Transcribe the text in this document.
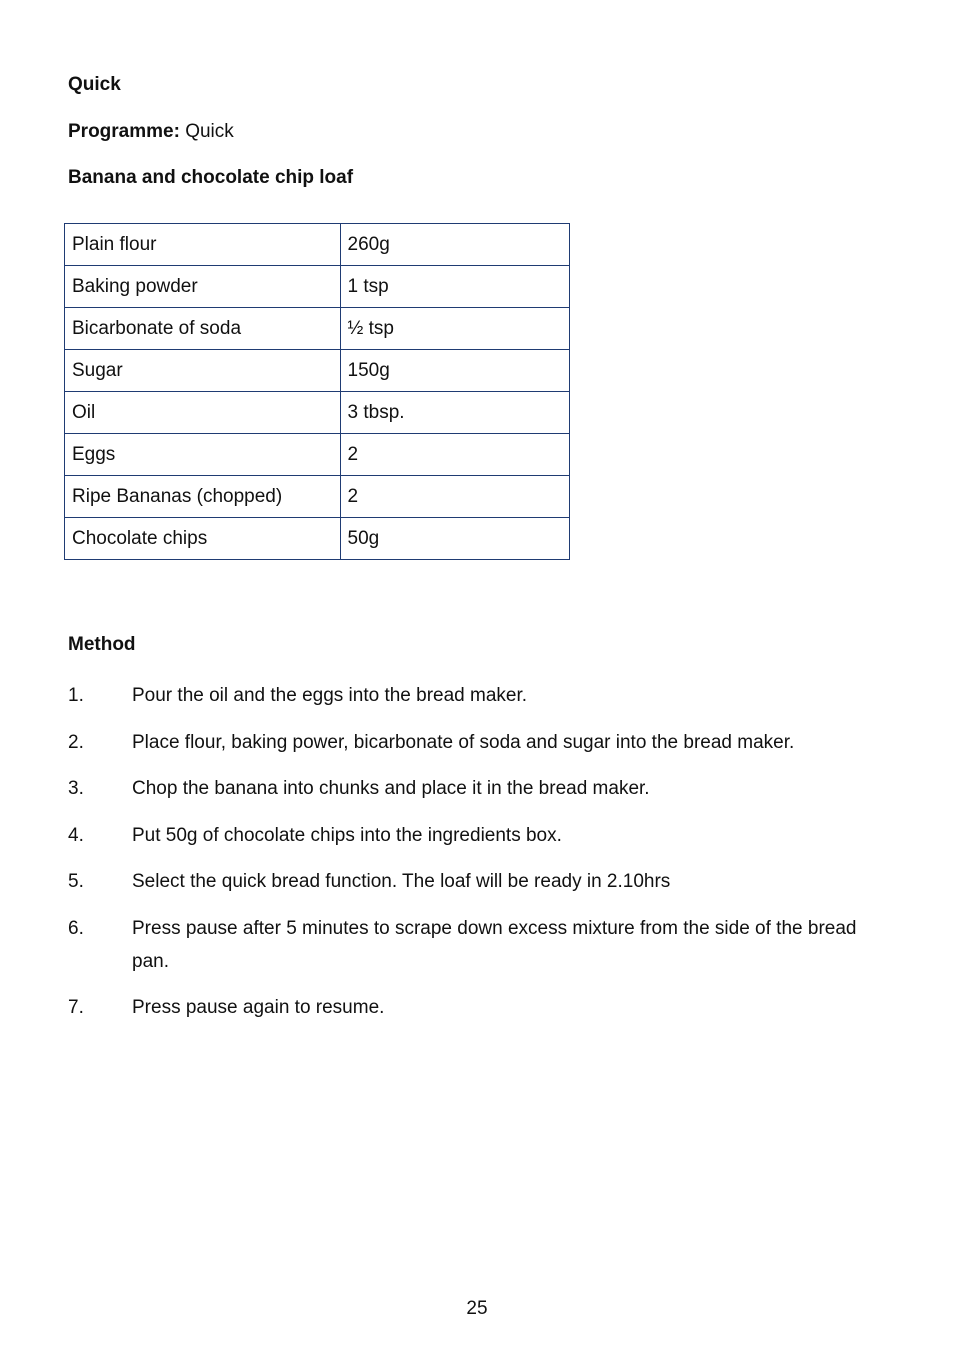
Quick

Programme: Quick

Banana and chocolate chip loaf
Plain flour	260g
Baking powder	1 tsp
Bicarbonate of soda	½ tsp
Sugar	150g
Oil	3 tbsp.
Eggs	2
Ripe Bananas (chopped)	2
Chocolate chips	50g
Method
1.	Pour the oil and the eggs into the bread maker.
2.	Place flour, baking power, bicarbonate of soda and sugar into the bread maker.
3.	Chop the banana into chunks and place it in the bread maker.
4.	Put 50g of chocolate chips into the ingredients box.
5.	Select the quick bread function. The loaf will be ready in 2.10hrs
6.	Press pause after 5 minutes to scrape down excess mixture from the side of the bread pan.
7.	Press pause again to resume.
25
